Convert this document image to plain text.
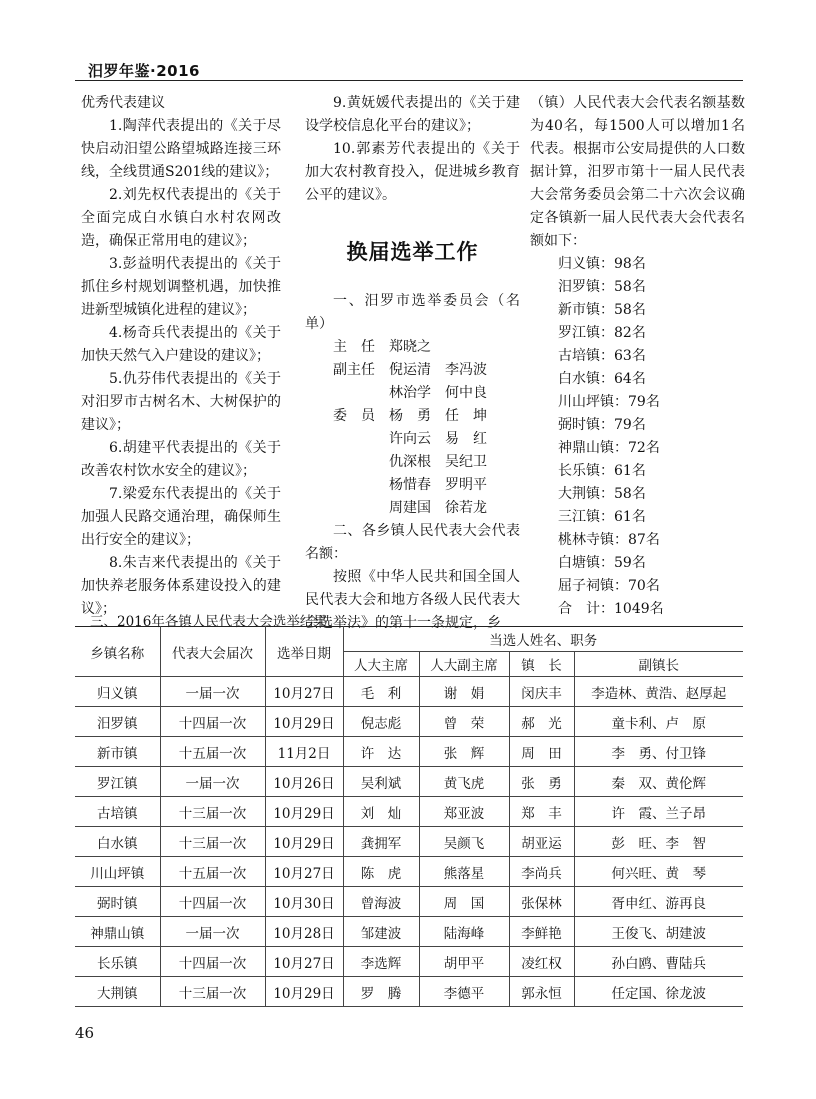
汨罗年鉴·2016

优秀代表建议

1.陶萍代表提出的《关于尽快启动汨望公路望城路连接三环线，全线贯通S201线的建议》；

2.刘先权代表提出的《关于全面完成白水镇白水村农网改造，确保正常用电的建议》；

3.彭益明代表提出的《关于抓住乡村规划调整机遇，加快推进新型城镇化进程的建议》；

4.杨奇兵代表提出的《关于加快天然气入户建设的建议》；

5.仇芬伟代表提出的《关于对汨罗市古树名木、大树保护的建议》；

6.胡建平代表提出的《关于改善农村饮水安全的建议》；

7.梁爱东代表提出的《关于加强人民路交通治理，确保师生出行安全的建议》；

8.朱吉来代表提出的《关于加快养老服务体系建设投入的建议》；

9.黄妩媛代表提出的《关于建设学校信息化平台的建议》；

10.郭素芳代表提出的《关于加大农村教育投入，促进城乡教育公平的建议》。

换届选举工作

一、汨罗市选举委员会（名单）

主　任　郑晓之

副主任　倪运清　李冯波

　　　　林治学　何中良

委　员　杨　勇　任　坤

　　　　许向云　易　红

　　　　仇深根　吴纪卫

　　　　杨惜春　罗明平

　　　　周建国　徐若龙

二、各乡镇人民代表大会代表名额：

按照《中华人民共和国全国人民代表大会和地方各级人民代表大会选举法》的第十一条规定，乡

（镇）人民代表大会代表名额基数为40名，每1500人可以增加1名代表。根据市公安局提供的人口数据计算，汨罗市第十一届人民代表大会常务委员会第二十六次会议确定各镇新一届人民代表大会代表名额如下：

归义镇：98名

汨罗镇：58名

新市镇：58名

罗江镇：82名

古培镇：63名

白水镇：64名

川山坪镇：79名

弼时镇：79名

神鼎山镇：72名

长乐镇：61名

大荆镇：58名

三江镇：61名

桃林寺镇：87名

白塘镇：59名

屈子祠镇：70名

合　计：1049名

三、2016年各镇人民代表大会选举结果
乡镇名称	代表大会届次	选举日期	当选人姓名、职务			
			人大主席	人大副主席	镇　长	副镇长
归义镇	一届一次	10月27日	毛　利	谢　娟	闵庆丰	李造林、黄浩、赵厚起
汨罗镇	十四届一次	10月29日	倪志彪	曾　荣	郝　光	童卡利、卢　原
新市镇	十五届一次	11月2日	许　达	张　辉	周　田	李　勇、付卫锋
罗江镇	一届一次	10月26日	吴利斌	黄飞虎	张　勇	秦　双、黄伦辉
古培镇	十三届一次	10月29日	刘　灿	郑亚波	郑　丰	许　霞、兰子昂
白水镇	十三届一次	10月29日	龚拥军	吴颜飞	胡亚运	彭　旺、李　智
川山坪镇	十五届一次	10月27日	陈　虎	熊落星	李尚兵	何兴旺、黄　琴
弼时镇	十四届一次	10月30日	曾海波	周　国	张保林	胥申红、游再良
神鼎山镇	一届一次	10月28日	邹建波	陆海峰	李鲜艳	王俊飞、胡建波
长乐镇	十四届一次	10月27日	李选辉	胡甲平	凌红权	孙白鸥、曹陆兵
大荆镇	十三届一次	10月29日	罗　腾	李德平	郭永恒	任定国、徐龙波
46
